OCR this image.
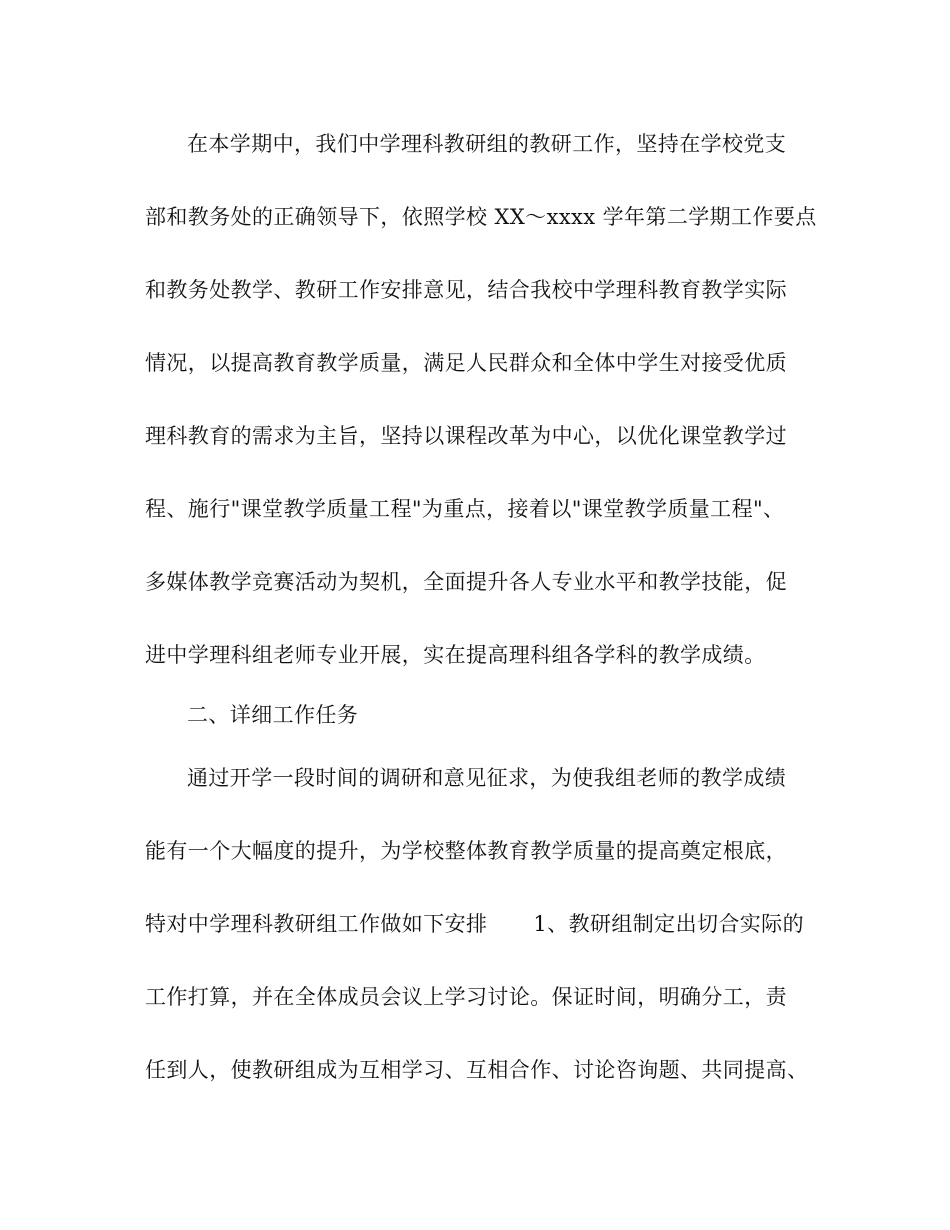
在本学期中，我们中学理科教研组的教研工作，坚持在学校党支
部和教务处的正确领导下，依照学校 XX～xxxx 学年第二学期工作要点
和教务处教学、教研工作安排意见，结合我校中学理科教育教学实际
情况，以提高教育教学质量，满足人民群众和全体中学生对接受优质
理科教育的需求为主旨，坚持以课程改革为中心，以优化课堂教学过
程、施行"课堂教学质量工程"为重点，接着以"课堂教学质量工程"、
多媒体教学竞赛活动为契机，全面提升各人专业水平和教学技能，促
进中学理科组老师专业开展，实在提高理科组各学科的教学成绩。
二、详细工作任务
通过开学一段时间的调研和意见征求，为使我组老师的教学成绩
能有一个大幅度的提升，为学校整体教育教学质量的提高奠定根底，
特对中学理科教研组工作做如下安排 1、教研组制定出切合实际的
工作打算，并在全体成员会议上学习讨论。保证时间，明确分工，责
任到人，使教研组成为互相学习、互相合作、讨论咨询题、共同提高、
